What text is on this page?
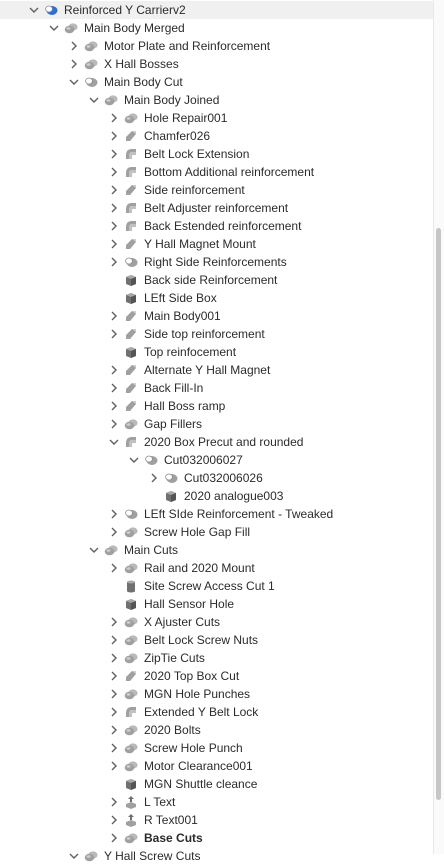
Reinforced Y Carrierv2
Main Body Merged
Motor Plate and Reinforcement
X Hall Bosses
Main Body Cut
Main Body Joined
Hole Repair001
Chamfer026
Belt Lock Extension
Bottom Additional reinforcement
Side reinforcement
Belt Adjuster reinforcement
Back Estended reinforcement
Y Hall Magnet Mount
Right Side Reinforcements
Back side Reinforcement
LEft Side Box
Main Body001
Side top reinforcement
Top reinfocement
Alternate Y Hall Magnet
Back Fill-In
Hall Boss ramp
Gap Fillers
2020 Box Precut and rounded
Cut032006027
Cut032006026
2020 analogue003
LEft SIde Reinforcement - Tweaked
Screw Hole Gap Fill
Main Cuts
Rail and 2020 Mount
Site Screw Access Cut 1
Hall Sensor Hole
X Ajuster Cuts
Belt Lock Screw Nuts
ZipTie Cuts
2020 Top Box Cut
MGN Hole Punches
Extended Y Belt Lock
2020 Bolts
Screw Hole Punch
Motor Clearance001
MGN Shuttle cleance
L Text
R Text001
Base Cuts
Y Hall Screw Cuts
